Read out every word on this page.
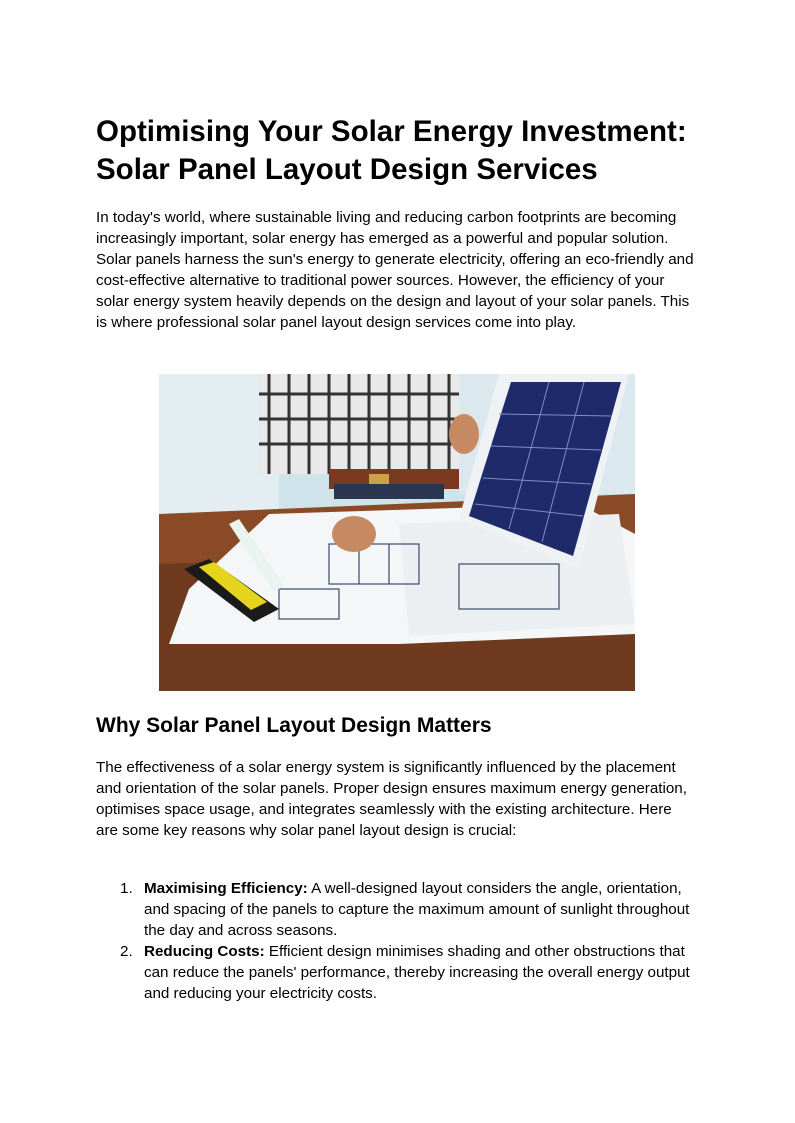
Optimising Your Solar Energy Investment: Solar Panel Layout Design Services

In today's world, where sustainable living and reducing carbon footprints are becoming increasingly important, solar energy has emerged as a powerful and popular solution. Solar panels harness the sun's energy to generate electricity, offering an eco-friendly and cost-effective alternative to traditional power sources. However, the efficiency of your solar energy system heavily depends on the design and layout of your solar panels. This is where professional solar panel layout design services come into play.

Why Solar Panel Layout Design Matters

The effectiveness of a solar energy system is significantly influenced by the placement and orientation of the solar panels. Proper design ensures maximum energy generation, optimises space usage, and integrates seamlessly with the existing architecture. Here are some key reasons why solar panel layout design is crucial:

1. Maximising Efficiency: A well-designed layout considers the angle, orientation, and spacing of the panels to capture the maximum amount of sunlight throughout the day and across seasons.
2. Reducing Costs: Efficient design minimises shading and other obstructions that can reduce the panels' performance, thereby increasing the overall energy output and reducing your electricity costs.
